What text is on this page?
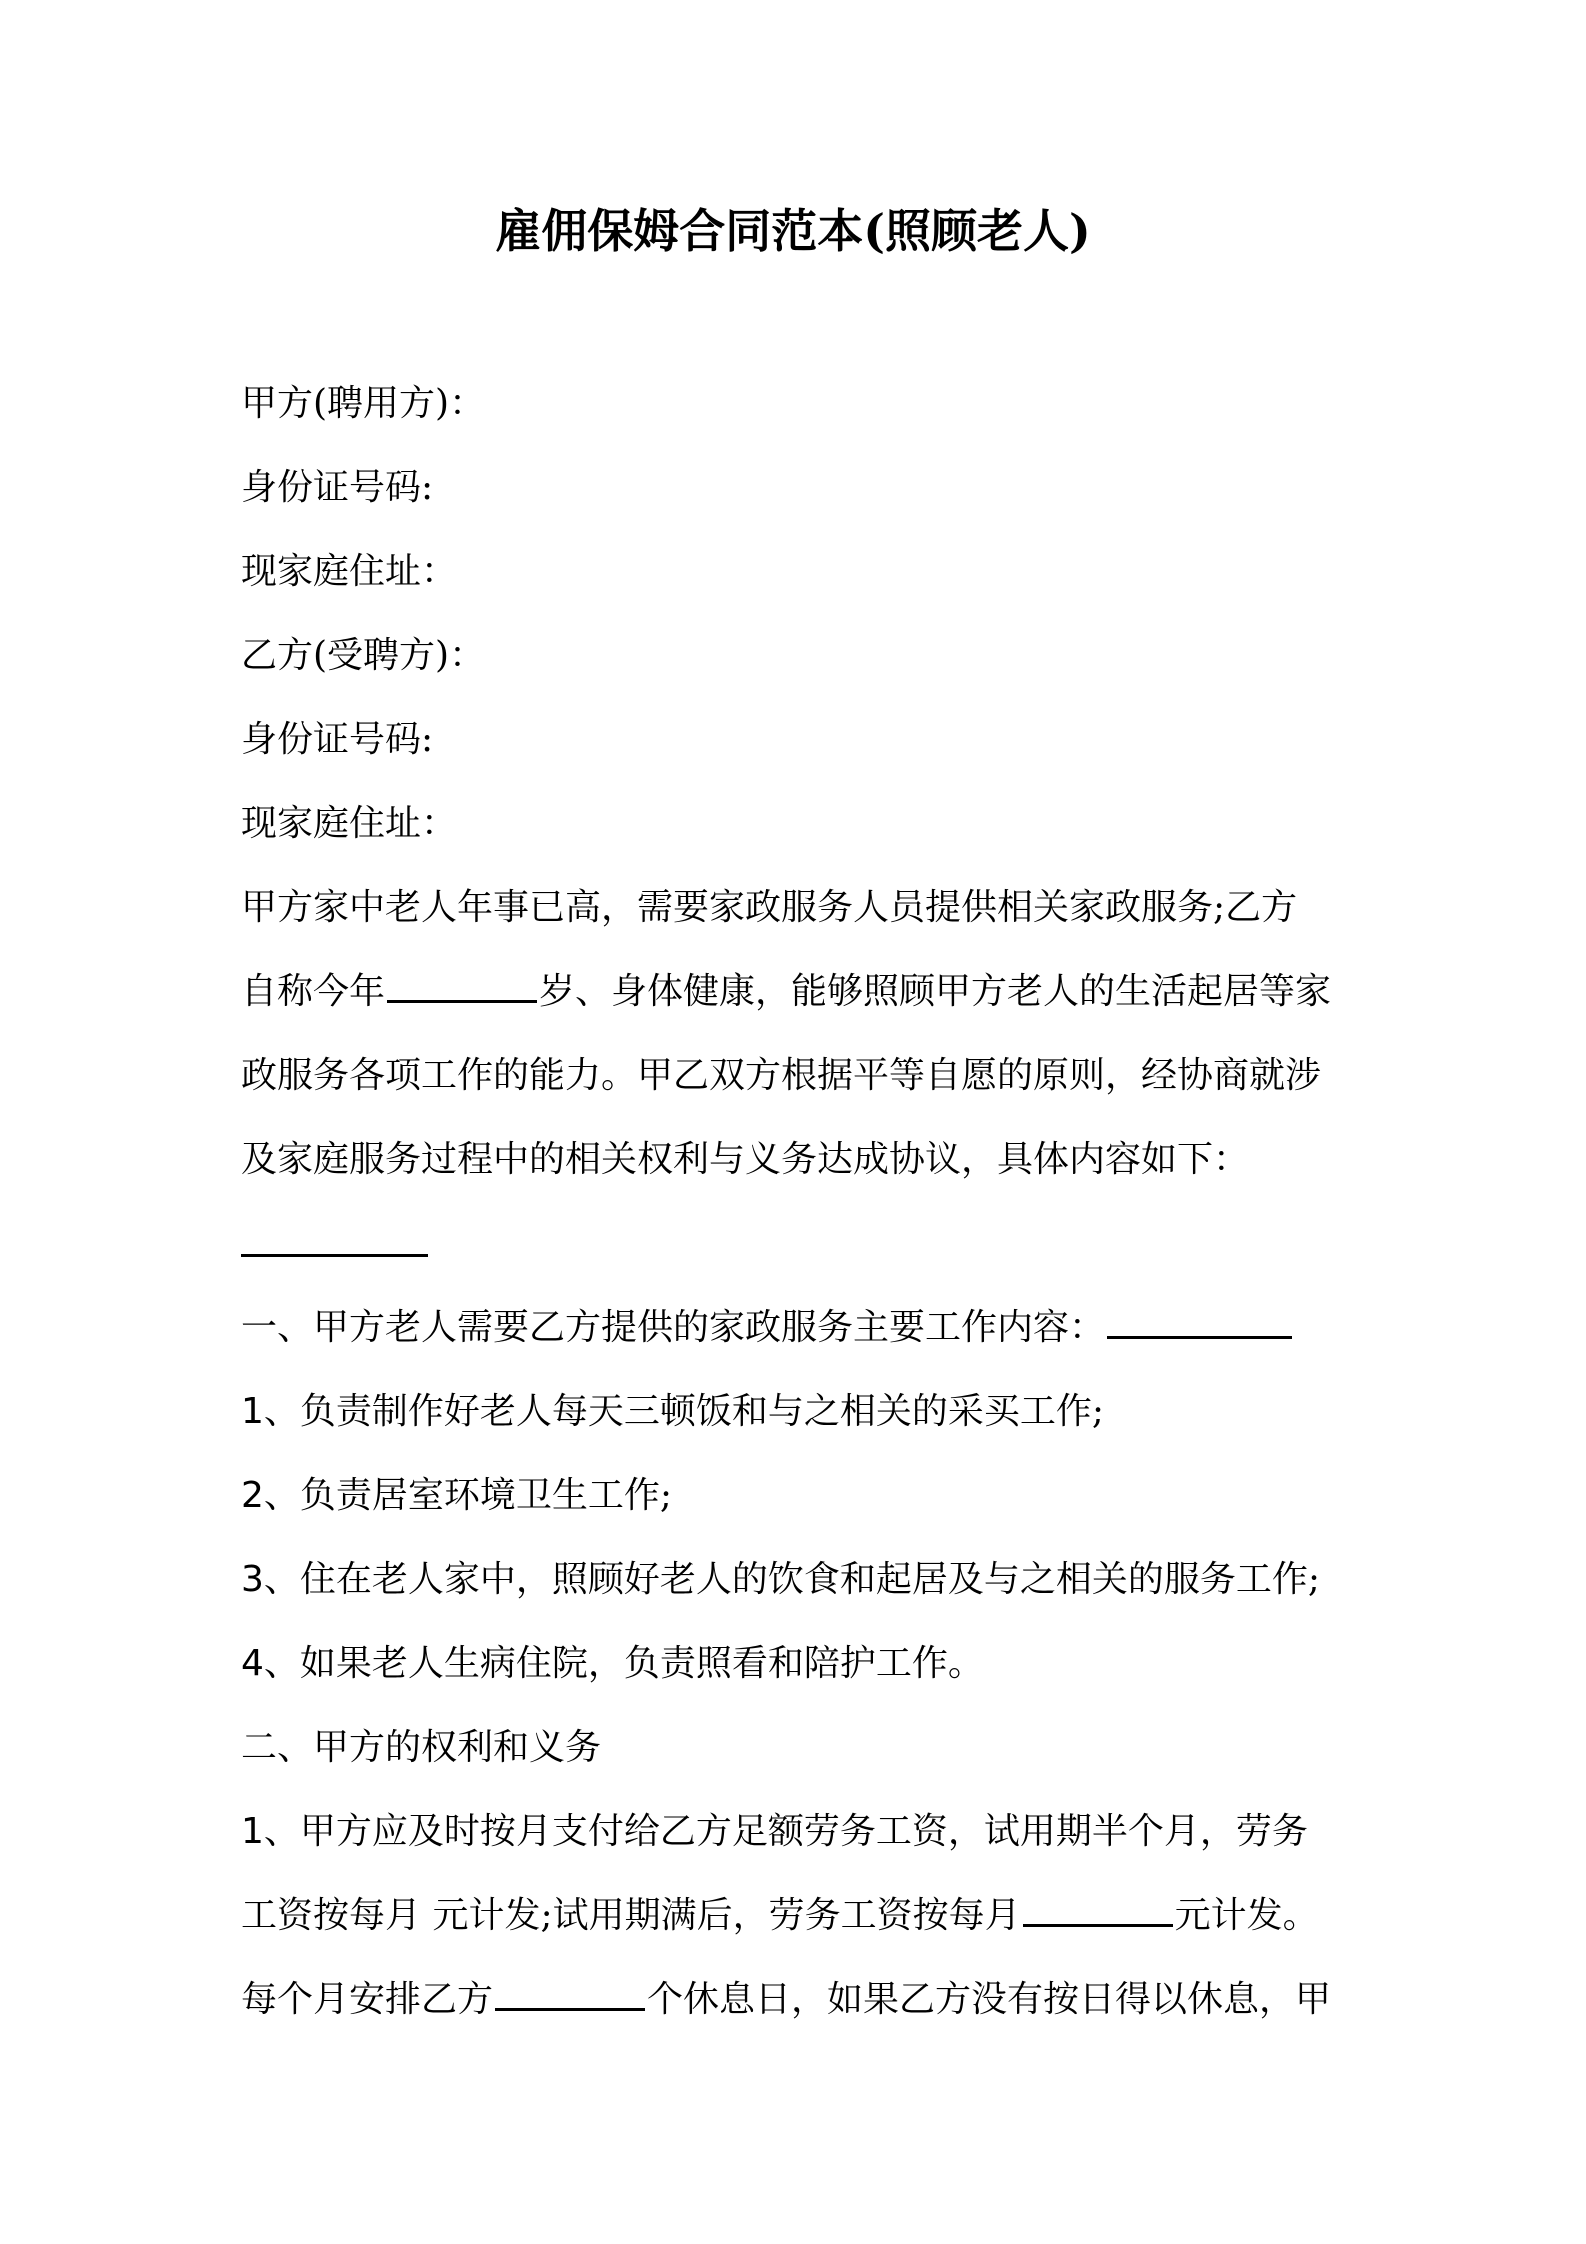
雇佣保姆合同范本(照顾老人)
甲方(聘用方)：
身份证号码:
现家庭住址：
乙方(受聘方)：
身份证号码:
现家庭住址：
甲方家中老人年事已高，需要家政服务人员提供相关家政服务;乙方
自称今年	岁、身体健康，能够照顾甲方老人的生活起居等家
政服务各项工作的能力。甲乙双方根据平等自愿的原则，经协商就涉
及家庭服务过程中的相关权利与义务达成协议，具体内容如下：
一、甲方老人需要乙方提供的家政服务主要工作内容：
1、负责制作好老人每天三顿饭和与之相关的采买工作;
2、负责居室环境卫生工作;
3、住在老人家中，照顾好老人的饮食和起居及与之相关的服务工作;
4、如果老人生病住院，负责照看和陪护工作。
二、甲方的权利和义务
1、甲方应及时按月支付给乙方足额劳务工资，试用期半个月，劳务
工资按每月 元计发;试用期满后，劳务工资按每月	元计发。
每个月安排乙方	个休息日，如果乙方没有按日得以休息，甲
